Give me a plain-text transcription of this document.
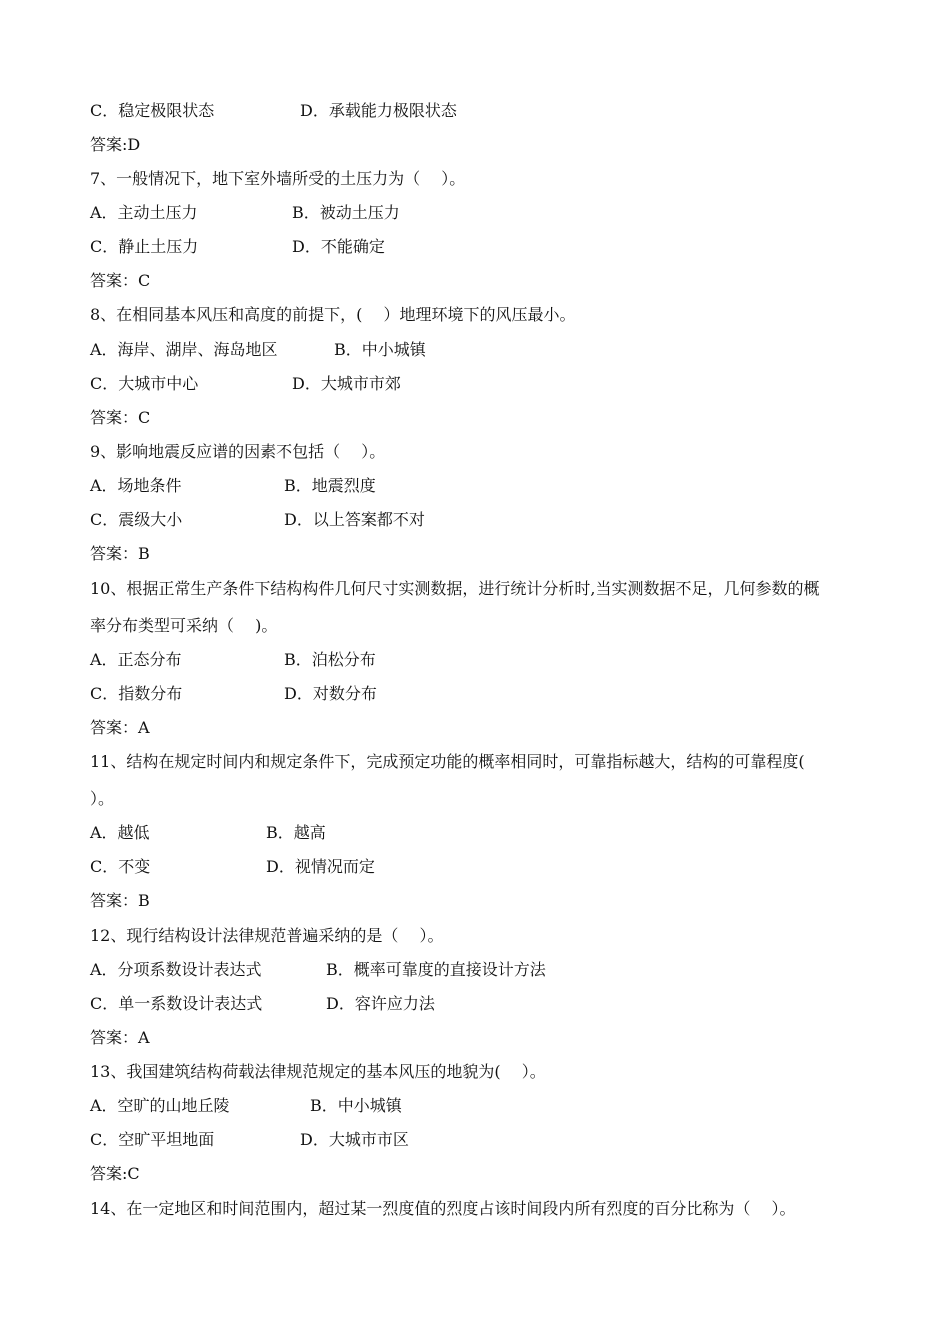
C．稳定极限状态	D．承载能力极限状态
答案:D
7、一般情况下，地下室外墙所受的土压力为（　 ）。
A．主动土压力	B．被动土压力
C．静止土压力	D．不能确定
答案：C
8、在相同基本风压和高度的前提下，(　 ）地理环境下的风压最小。
A．海岸、湖岸、海岛地区	B．中小城镇
C．大城市中心	D．大城市市郊
答案：C
9、影响地震反应谱的因素不包括（　 ）。
A．场地条件	B．地震烈度
C．震级大小	D．以上答案都不对
答案：B
10、根据正常生产条件下结构构件几何尺寸实测数据，进行统计分析时,当实测数据不足，几何参数的概
率分布类型可采纳（　 )。
A．正态分布	B．泊松分布
C．指数分布	D．对数分布
答案：A
11、结构在规定时间内和规定条件下，完成预定功能的概率相同时，可靠指标越大，结构的可靠程度(
）。
A．越低	B．越高
C．不变	D．视情况而定
答案：B
12、现行结构设计法律规范普遍采纳的是（　 ）。
A．分项系数设计表达式	B．概率可靠度的直接设计方法
C．单一系数设计表达式	D．容许应力法
答案：A
13、我国建筑结构荷载法律规范规定的基本风压的地貌为(　 ）。
A．空旷的山地丘陵	B．中小城镇
C．空旷平坦地面	D．大城市市区
答案:C
14、在一定地区和时间范围内，超过某一烈度值的烈度占该时间段内所有烈度的百分比称为（　 ）。
